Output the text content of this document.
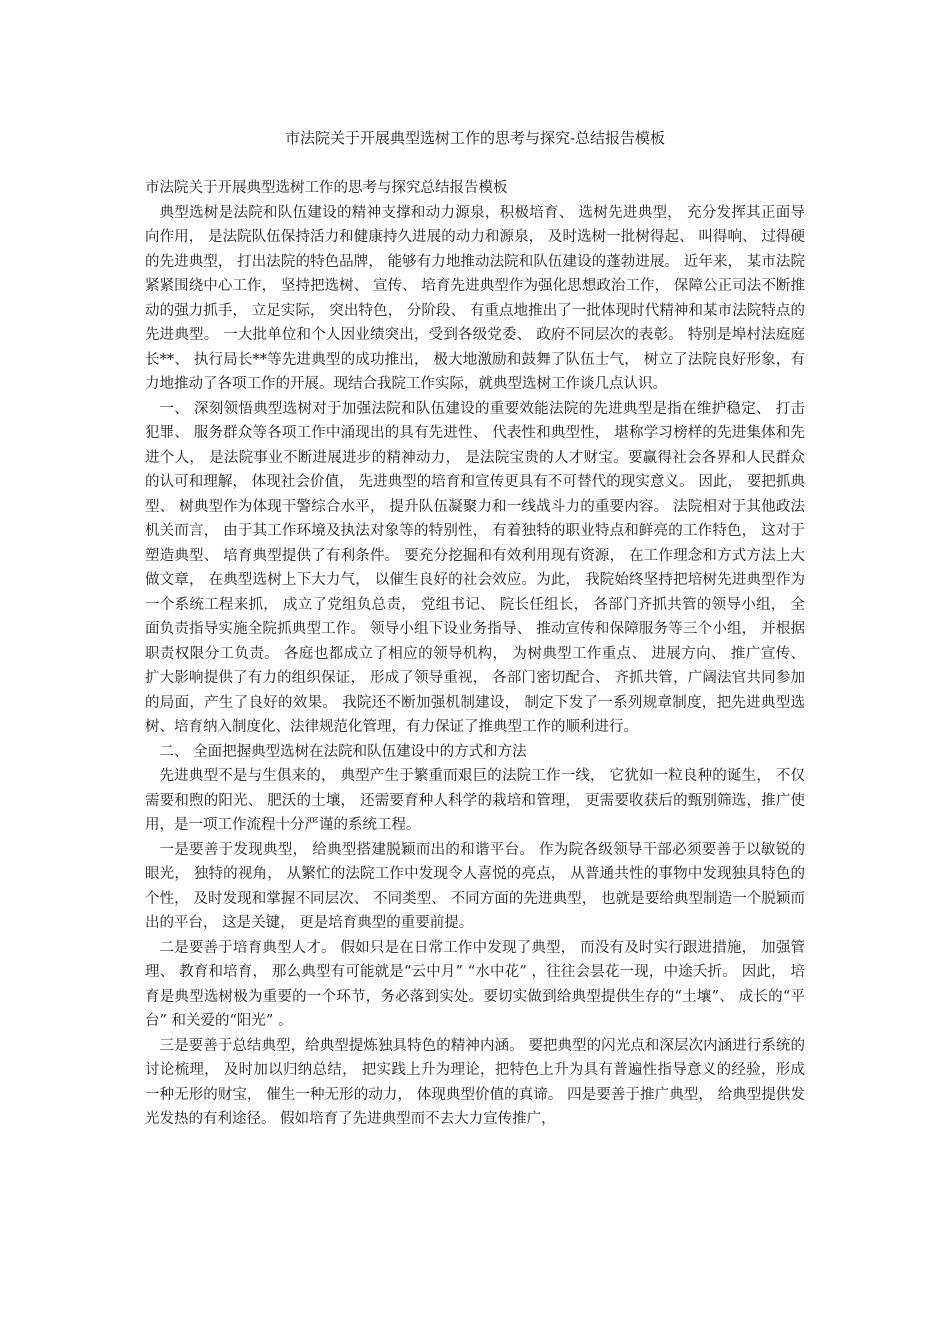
市法院关于开展典型选树工作的思考与探究-总结报告模板

市法院关于开展典型选树工作的思考与探究总结报告模板

典型选树是法院和队伍建设的精神支撑和动力源泉，积极培育、 选树先进典型， 充分发挥其正面导向作用， 是法院队伍保持活力和健康持久进展的动力和源泉， 及时选树一批树得起、 叫得响、 过得硬的先进典型， 打出法院的特色品牌， 能够有力地推动法院和队伍建设的蓬勃进展。 近年来， 某市法院紧紧围绕中心工作， 坚持把选树、 宣传、 培育先进典型作为强化思想政治工作， 保障公正司法不断推动的强力抓手， 立足实际， 突出特色， 分阶段、 有重点地推出了一批体现时代精神和某市法院特点的先进典型。 一大批单位和个人因业绩突出，受到各级党委、 政府不同层次的表彰。 特别是埠村法庭庭长**、 执行局长**等先进典型的成功推出， 极大地激励和鼓舞了队伍士气， 树立了法院良好形象，有力地推动了各项工作的开展。现结合我院工作实际，就典型选树工作谈几点认识。

一、 深刻领悟典型选树对于加强法院和队伍建设的重要效能法院的先进典型是指在维护稳定、 打击犯罪、 服务群众等各项工作中涌现出的具有先进性、 代表性和典型性， 堪称学习榜样的先进集体和先进个人， 是法院事业不断进展进步的精神动力， 是法院宝贵的人才财宝。要赢得社会各界和人民群众的认可和理解， 体现社会价值， 先进典型的培育和宣传更具有不可替代的现实意义。 因此， 要把抓典型、 树典型作为体现干警综合水平， 提升队伍凝聚力和一线战斗力的重要内容。 法院相对于其他政法机关而言， 由于其工作环境及执法对象等的特别性， 有着独特的职业特点和鲜亮的工作特色， 这对于塑造典型、 培育典型提供了有利条件。 要充分挖掘和有效利用现有资源， 在工作理念和方式方法上大做文章， 在典型选树上下大力气， 以催生良好的社会效应。为此， 我院始终坚持把培树先进典型作为一个系统工程来抓， 成立了党组负总责， 党组书记、 院长任组长， 各部门齐抓共管的领导小组， 全面负责指导实施全院抓典型工作。 领导小组下设业务指导、 推动宣传和保障服务等三个小组， 并根据职责权限分工负责。 各庭也都成立了相应的领导机构， 为树典型工作重点、 进展方向、 推广宣传、 扩大影响提供了有力的组织保证， 形成了领导重视， 各部门密切配合、 齐抓共管，广阔法官共同参加的局面，产生了良好的效果。 我院还不断加强机制建设， 制定下发了一系列规章制度，把先进典型选树、培育纳入制度化、法律规范化管理，有力保证了推典型工作的顺利进行。

二、 全面把握典型选树在法院和队伍建设中的方式和方法

先进典型不是与生俱来的， 典型产生于繁重而艰巨的法院工作一线， 它犹如一粒良种的诞生， 不仅需要和煦的阳光、 肥沃的土壤， 还需要育种人科学的栽培和管理， 更需要收获后的甄别筛选，推广使用，是一项工作流程十分严谨的系统工程。

一是要善于发现典型， 给典型搭建脱颖而出的和谐平台。 作为院各级领导干部必须要善于以敏锐的眼光， 独特的视角， 从繁忙的法院工作中发现令人喜悦的亮点， 从普通共性的事物中发现独具特色的个性， 及时发现和掌握不同层次、 不同类型、 不同方面的先进典型， 也就是要给典型制造一个脱颖而出的平台， 这是关键， 更是培育典型的重要前提。

二是要善于培育典型人才。 假如只是在日常工作中发现了典型， 而没有及时实行跟进措施， 加强管理、 教育和培育， 那么典型有可能就是“云中月” “水中花” ，往往会昙花一现，中途夭折。 因此， 培育是典型选树极为重要的一个环节，务必落到实处。要切实做到给典型提供生存的“土壤”、 成长的“平台” 和关爱的“阳光” 。

三是要善于总结典型，给典型提炼独具特色的精神内涵。 要把典型的闪光点和深层次内涵进行系统的讨论梳理， 及时加以归纳总结， 把实践上升为理论，把特色上升为具有普遍性指导意义的经验，形成一种无形的财宝， 催生一种无形的动力， 体现典型价值的真谛。 四是要善于推广典型， 给典型提供发光发热的有利途径。 假如培育了先进典型而不去大力宣传推广，
